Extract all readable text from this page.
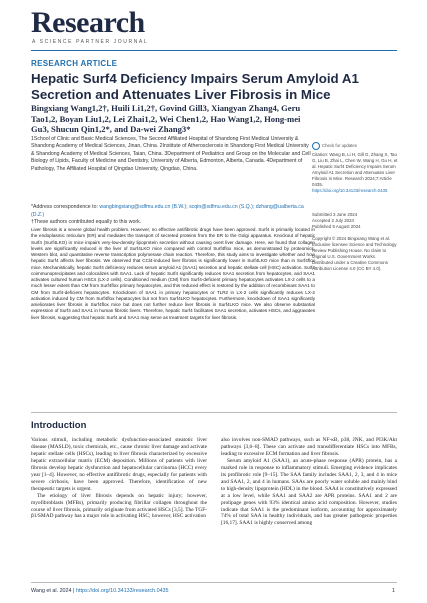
Research
A SCIENCE PARTNER JOURNAL
RESEARCH ARTICLE
Hepatic Surf4 Deficiency Impairs Serum Amyloid A1 Secretion and Attenuates Liver Fibrosis in Mice
Bingxiang Wang1,2†, Huili Li1,2†, Govind Gill3, Xiangyan Zhang4, Geru Tao1,2, Boyan Liu1,2, Lei Zhai1,2, Wei Chen1,2, Hao Wang1,2, Hong-mei Gu3, Shucun Qin1,2*, and Da-wei Zhang3*
1School of Clinic and Basic Medical Sciences, The Second Affiliated Hospital of Shandong First Medical University & Shandong Academy of Medical Sciences, Jinan, China. 2Institute of Atherosclerosis in Shandong First Medical University & Shandong Academy of Medical Sciences, Taian, China. 3Department of Pediatrics and Group on the Molecular and Cell Biology of Lipids, Faculty of Medicine and Dentistry, University of Alberta, Edmonton, Alberta, Canada. 4Department of Pathology, The Affiliated Hospital of Qingdao University, Qingdao, China.
*Address correspondence to: wangbingxiang@sdfmu.edu.cn (B.W.); scqin@sdfmu.edu.cn (S.Q.); dzhang@ualberta.ca (D.Z.)
†These authors contributed equally to this work.
Liver fibrosis is a severe global health problem. However, no effective antifibrotic drugs have been approved. Surf4 is primarily located in the endoplasmic reticulum (ER) and mediates the transport of secreted proteins from the ER to the Golgi apparatus. Knockout of hepatic Surf4 (Surf4LKO) in mice impairs very-low-density lipoprotein secretion without causing overt liver damage. Here, we found that collagen levels are significantly reduced in the liver of Surf4LKO mice compared with control Surf4flox mice, as demonstrated by proteomics, Western blot, and quantitative reverse transcription polymerase chain reaction. Therefore, this study aims to investigate whether and how hepatic Surf4 affects liver fibrosis. We observed that CCl4-induced liver fibrosis is significantly lower in Surf4LKO mice than in Surf4flox mice. Mechanistically, hepatic Surf4 deficiency reduces serum amyloid A1 (SAA1) secretion and hepatic stellate cell (HSC) activation. Surf4 coimmunoprecipitates and colocalizes with SAA1. Lack of hepatic Surf4 significantly reduces SAA1 secretion from hepatocytes, and SAA1 activates cultured human HSCs (LX-2 cells). Conditioned medium (CM) from Surf4-deficient primary hepatocytes activates LX-2 cells to a much lesser extent than CM from Surf4flox primary hepatocytes, and this reduced effect is restored by the addition of recombinant SAA1 to CM from Surf4-deficient hepatocytes. Knockdown of SAA1 in primary hepatocytes or TLR2 in LX-2 cells significantly reduces LX-2 activation induced by CM from Surf4flox hepatocytes but not from Surf4LKO hepatocytes. Furthermore, knockdown of SAA1 significantly ameliorates liver fibrosis in Surf4flox mice but does not further reduce liver fibrosis in Surf4LKO mice. We also observe substantial expression of Surf4 and SAA1 in human fibrotic livers. Therefore, hepatic Surf4 facilitates SAA1 secretion, activates HSCs, and aggravates liver fibrosis, suggesting that hepatic Surf4 and SAA1 may serve as treatment targets for liver fibrosis.
Check for updates
Citation: Wang B, Li H, Gill G, Zhang X, Tao G, Liu B, Zhai L, Chen W, Wang H, Gu H, et al. Hepatic Surf4 Deficiency Impairs Serum Amyloid A1 Secretion and Attenuates Liver Fibrosis in Mice. Research 2024;7:Article 0435. https://doi.org/10.34133/research.0435
Submitted 3 June 2024
Accepted 2 July 2024
Published 5 August 2024
Copyright © 2024 Bingxiang Wang et al. Exclusive licensee Science and Technology Review Publishing House. No claim to original U.S. Government Works. Distributed under a Creative Commons Attribution License 4.0 (CC BY 4.0).
Introduction
Various stimuli, including metabolic dysfunction-associated steatotic liver disease (MASLD), toxic chemicals, etc., cause chronic liver damage and activate hepatic stellate cells (HSCs), leading to liver fibrosis characterized by excessive hepatic extracellular matrix (ECM) deposition. Millions of patients with liver fibrosis develop hepatic dysfunction and hepatocellular carcinoma (HCC) every year [1–4]. However, no effective antifibrotic drugs, especially for patients with severe cirrhosis, have been approved. Therefore, identification of new therapeutic targets is urgent.
The etiology of liver fibrosis depends on hepatic injury; however, myofibroblasts (MFBs), primarily producing fibrillar collagen throughout the course of liver fibrosis, primarily originate from activated HSCs [3,5]. The TGF-β1/SMAD pathway has a major role in activating HSC; however, HSC activation
also involves non-SMAD pathways, such as NF-κB, p38, JNK, and PI3K/Akt pathways [3,6–8]. These can activate and transdifferentiate HSCs into MFBs, leading to excessive ECM formation and liver fibrosis.
Serum amyloid A1 (SAA1), an acute-phase response (APR) protein, has a marked role in response to inflammatory stimuli. Emerging evidence implicates its profibrotic role [9–15]. The SAA family includes SAA1, 2, 3, and 4 in mice and SAA1, 2, and 4 in humans. SAAs are poorly water soluble and mainly bind to high-density lipoprotein (HDL) in the blood. SAA4 is constitutively expressed at a low level, while SAA1 and SAA2 are APR proteins. SAA1 and 2 are prolipage genes with 93% identical amino acid composition. However, studies indicate that SAA1 is the predominant isoform, accounting for approximately 74% of total SAA in healthy individuals, and has greater pathogenic properties [16,17]. SAA1 is highly conserved among
Wang et al. 2024 | https://doi.org/10.34133/research.0435	1
